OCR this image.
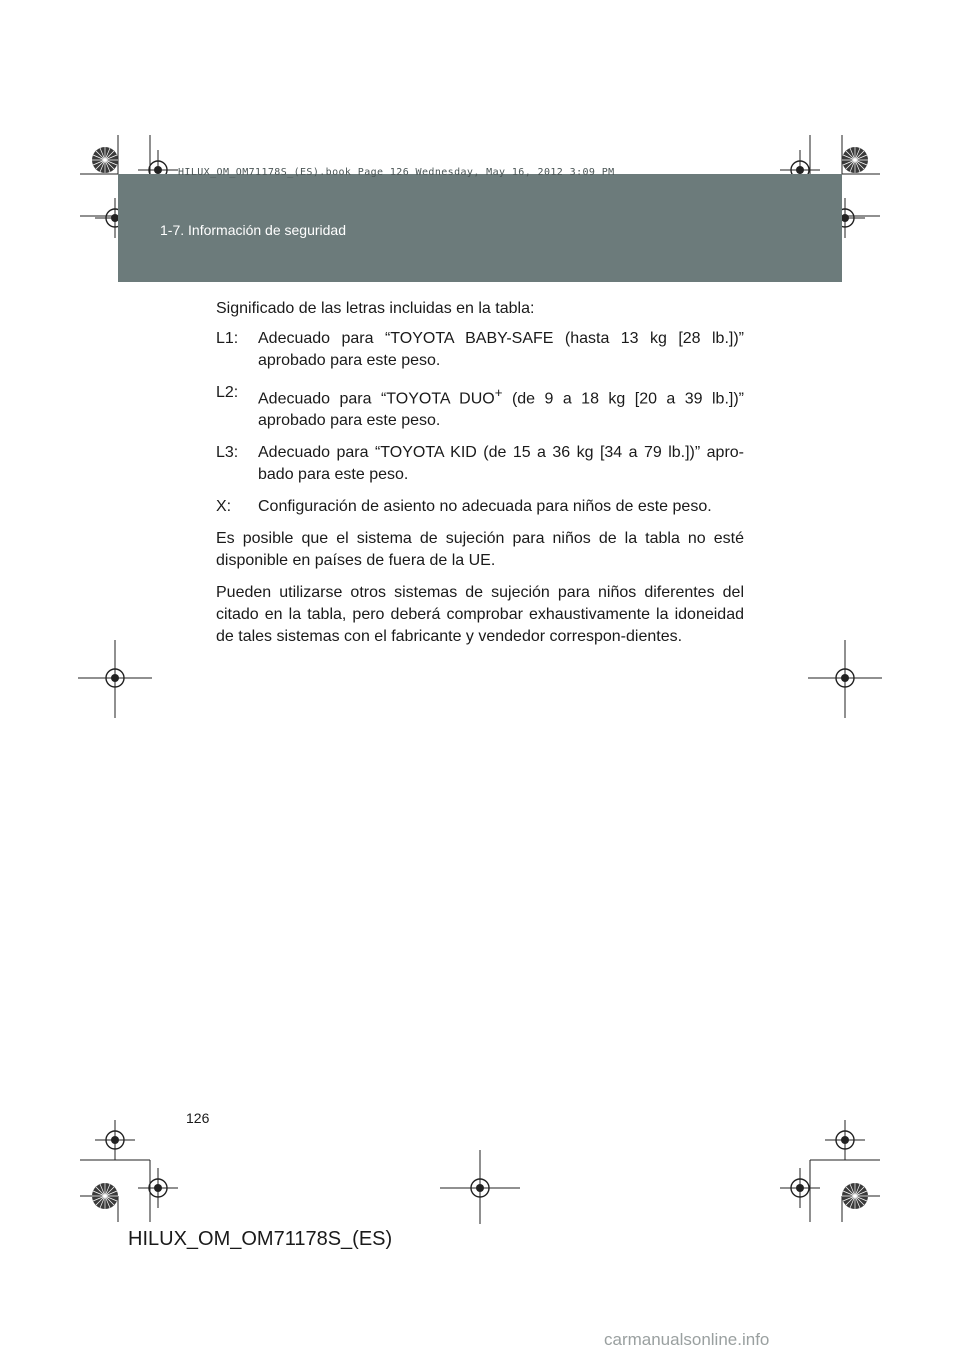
HILUX_OM_OM71178S_(ES).book Page 126 Wednesday, May 16, 2012 3:09 PM
1-7. Información de seguridad

Significado de las letras incluidas en la tabla:

L1:	Adecuado para “TOYOTA BABY-SAFE (hasta 13 kg [28 lb.])” aprobado para este peso.
L2:	Adecuado para “TOYOTA DUO+ (de 9 a 18 kg [20 a 39 lb.])” aprobado para este peso.
L3:	Adecuado para “TOYOTA KID (de 15 a 36 kg [34 a 79 lb.])” apro- bado para este peso.
X:	Configuración de asiento no adecuada para niños de este peso.

Es posible que el sistema de sujeción para niños de la tabla no esté disponible en países de fuera de la UE.

Pueden utilizarse otros sistemas de sujeción para niños diferentes del citado en la tabla, pero deberá comprobar exhaustivamente la idoneidad de tales sistemas con el fabricante y vendedor correspon-dientes.

126
HILUX_OM_OM71178S_(ES)
carmanualsonline.info
